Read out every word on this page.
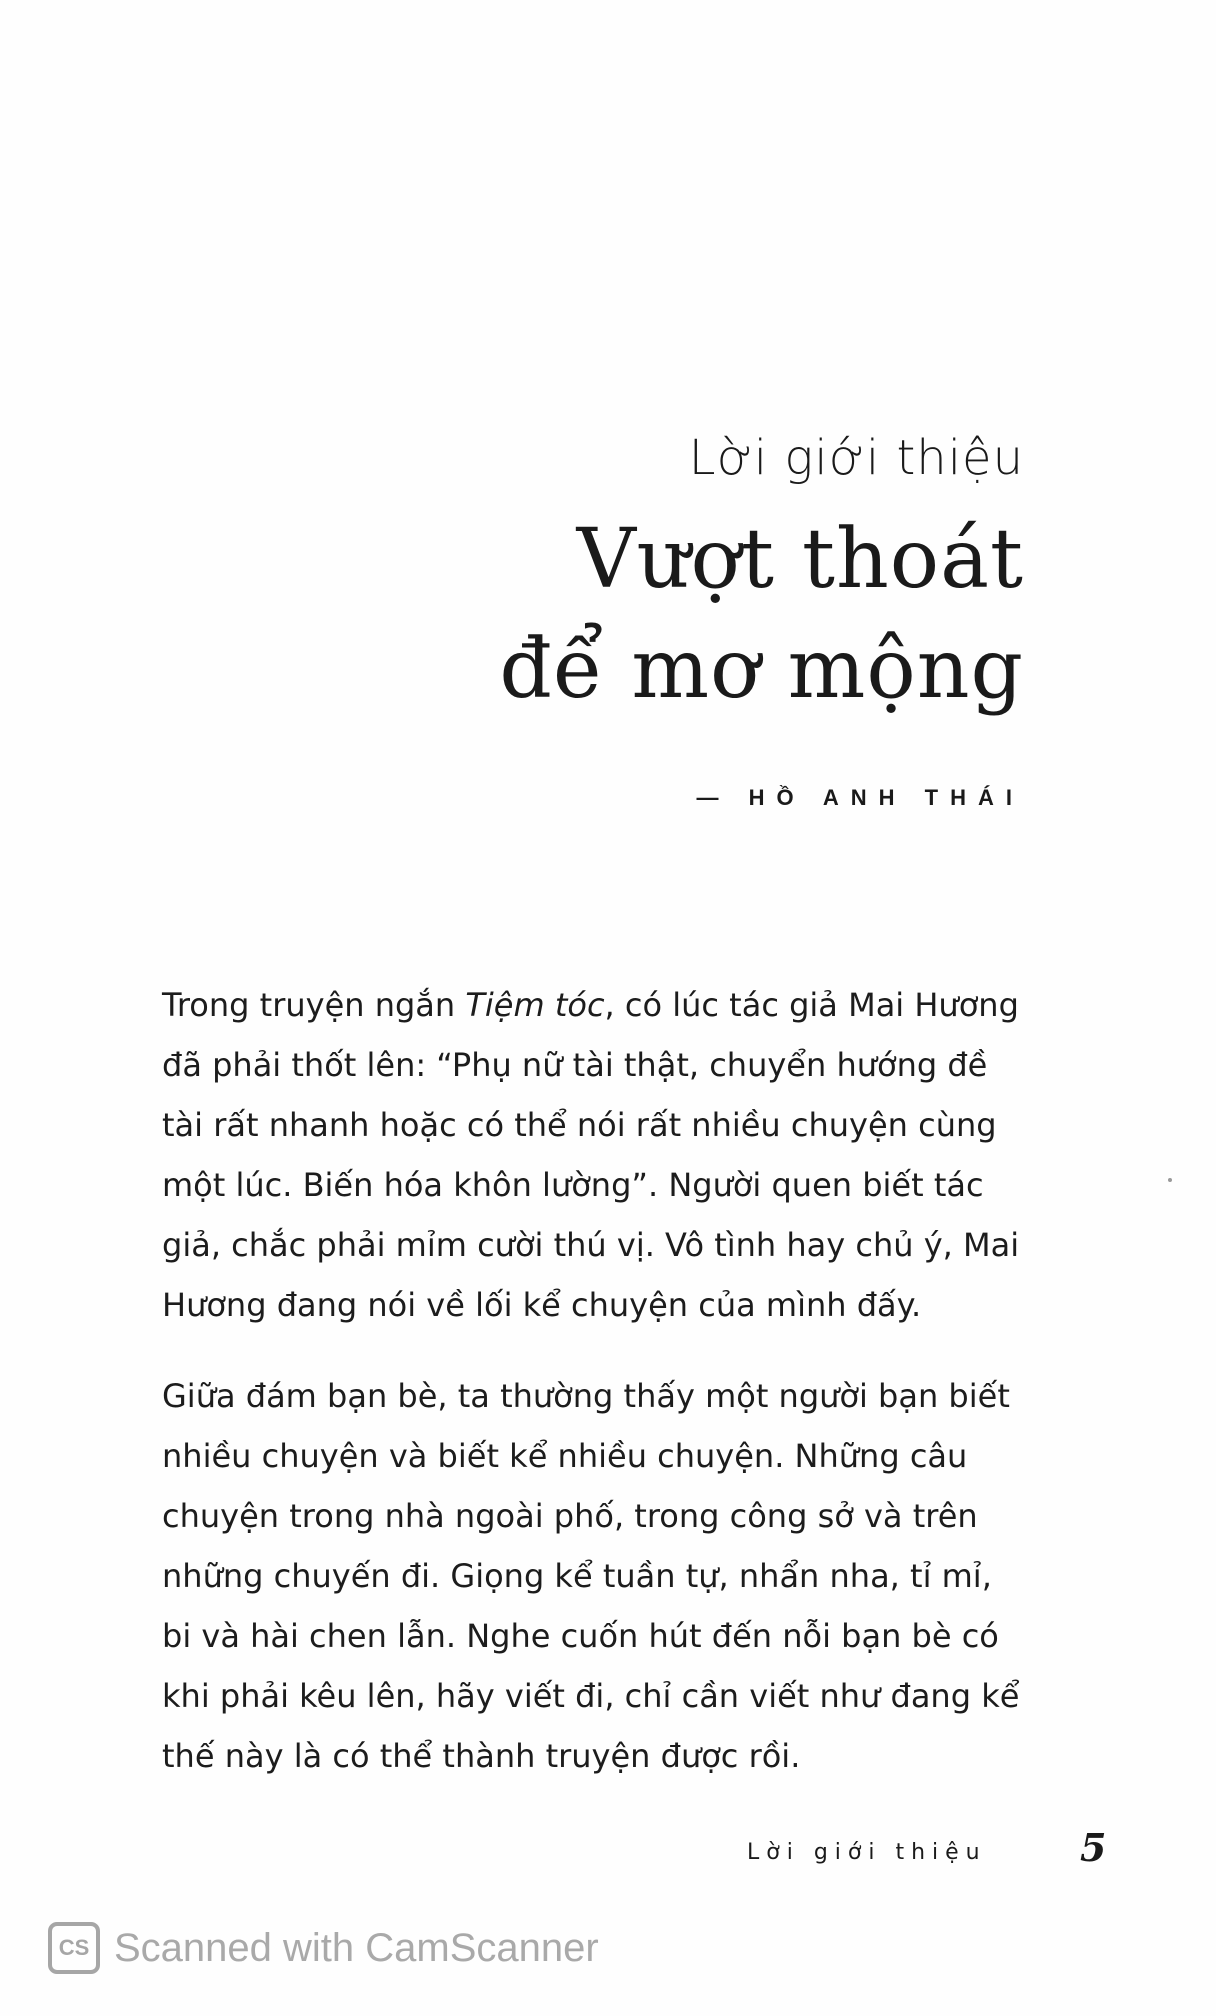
Lời giới thiệu
Vượt thoát
để mơ mộng
— HỒ ANH THÁI

Trong truyện ngắn Tiệm tóc, có lúc tác giả Mai Hương đã phải thốt lên: “Phụ nữ tài thật, chuyển hướng đề tài rất nhanh hoặc có thể nói rất nhiều chuyện cùng một lúc. Biến hóa khôn lường”. Người quen biết tác giả, chắc phải mỉm cười thú vị. Vô tình hay chủ ý, Mai Hương đang nói về lối kể chuyện của mình đấy.

Giữa đám bạn bè, ta thường thấy một người bạn biết nhiều chuyện và biết kể nhiều chuyện. Những câu chuyện trong nhà ngoài phố, trong công sở và trên những chuyến đi. Giọng kể tuần tự, nhẩn nha, tỉ mỉ, bi và hài chen lẫn. Nghe cuốn hút đến nỗi bạn bè có khi phải kêu lên, hãy viết đi, chỉ cần viết như đang kể thế này là có thể thành truyện được rồi.

Lời giới thiệu 5
CS Scanned with CamScanner
